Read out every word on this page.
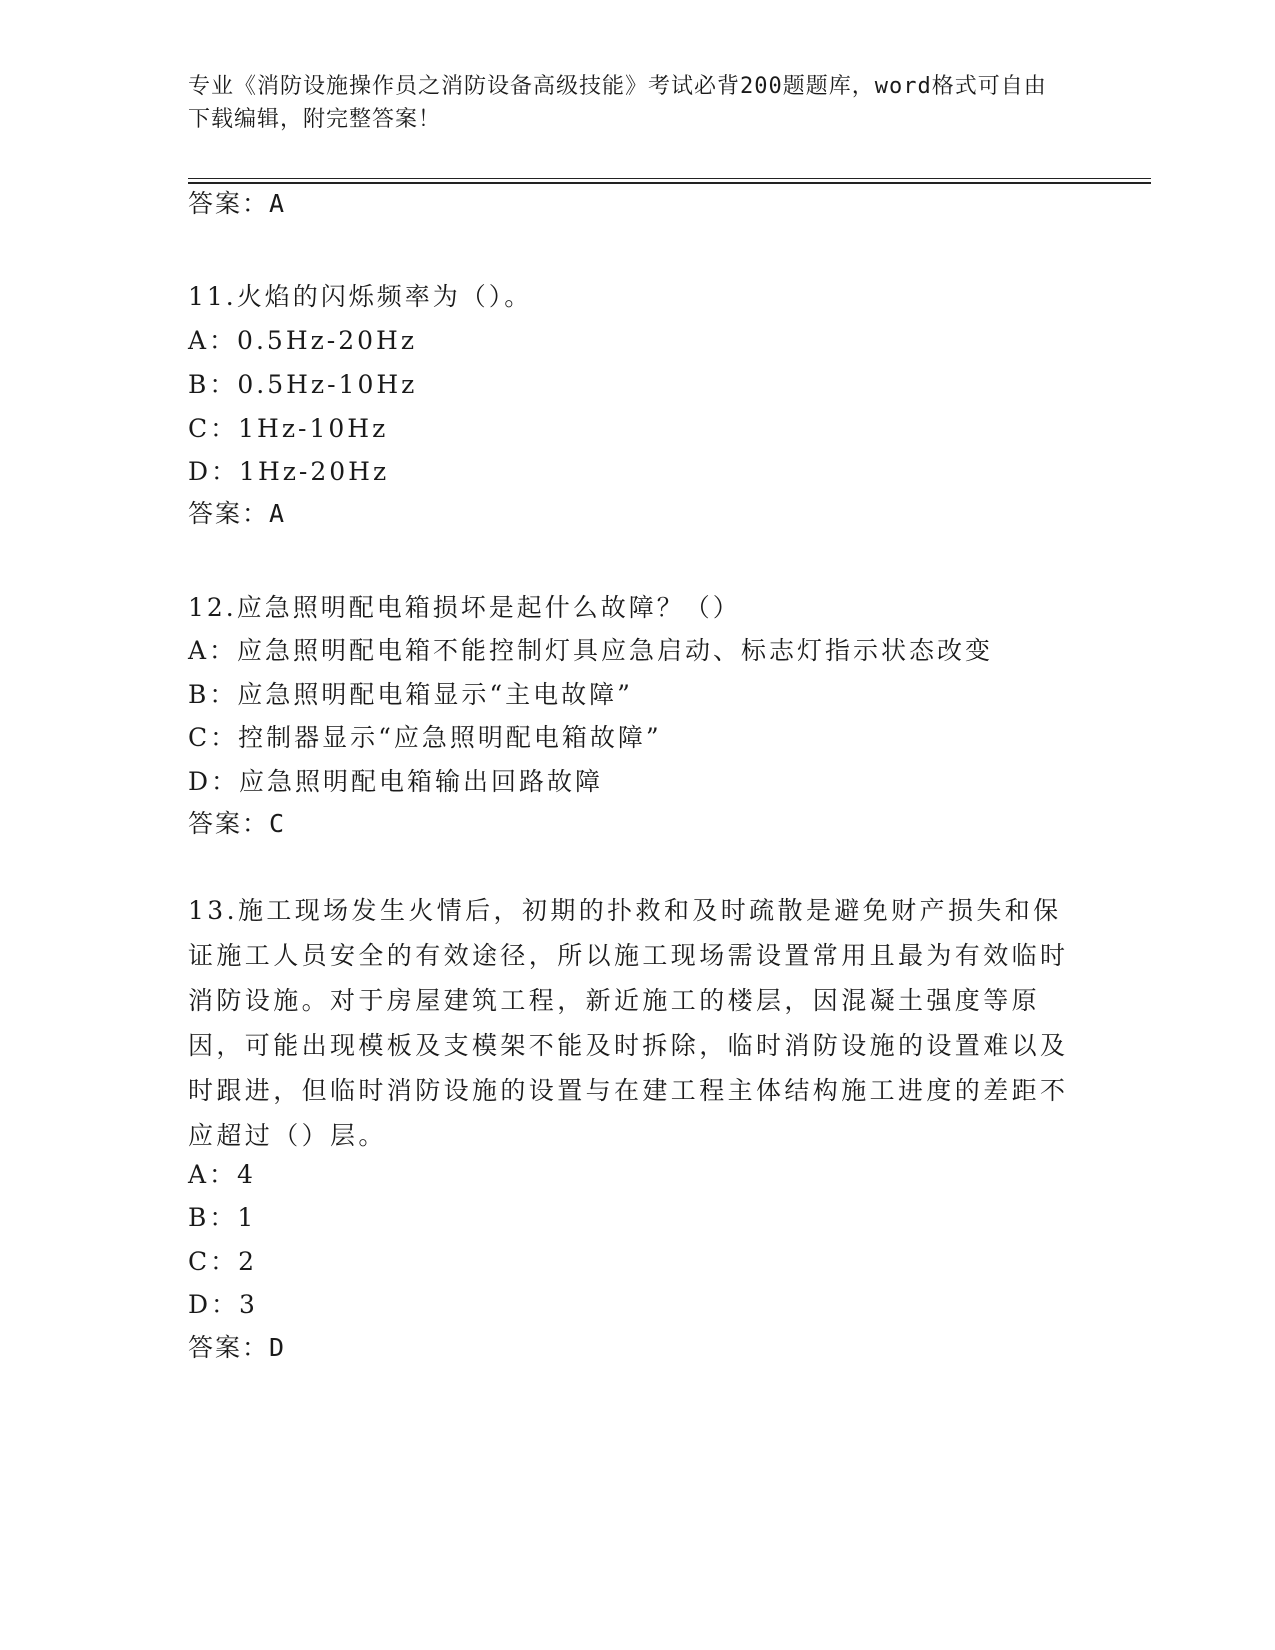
专业《消防设施操作员之消防设备高级技能》考试必背200题题库，word格式可自由下载编辑，附完整答案！
答案：A
11.火焰的闪烁频率为（）。
A：0.5Hz-20Hz
B：0.5Hz-10Hz
C：1Hz-10Hz
D：1Hz-20Hz
答案：A
12.应急照明配电箱损坏是起什么故障？（）
A：应急照明配电箱不能控制灯具应急启动、标志灯指示状态改变
B：应急照明配电箱显示“主电故障”
C：控制器显示“应急照明配电箱故障”
D：应急照明配电箱输出回路故障
答案：C
13.施工现场发生火情后，初期的扑救和及时疏散是避免财产损失和保证施工人员安全的有效途径，所以施工现场需设置常用且最为有效临时消防设施。对于房屋建筑工程，新近施工的楼层，因混凝土强度等原因，可能出现模板及支模架不能及时拆除，临时消防设施的设置难以及时跟进，但临时消防设施的设置与在建工程主体结构施工进度的差距不应超过（）层。
A：4
B：1
C：2
D：3
答案：D
